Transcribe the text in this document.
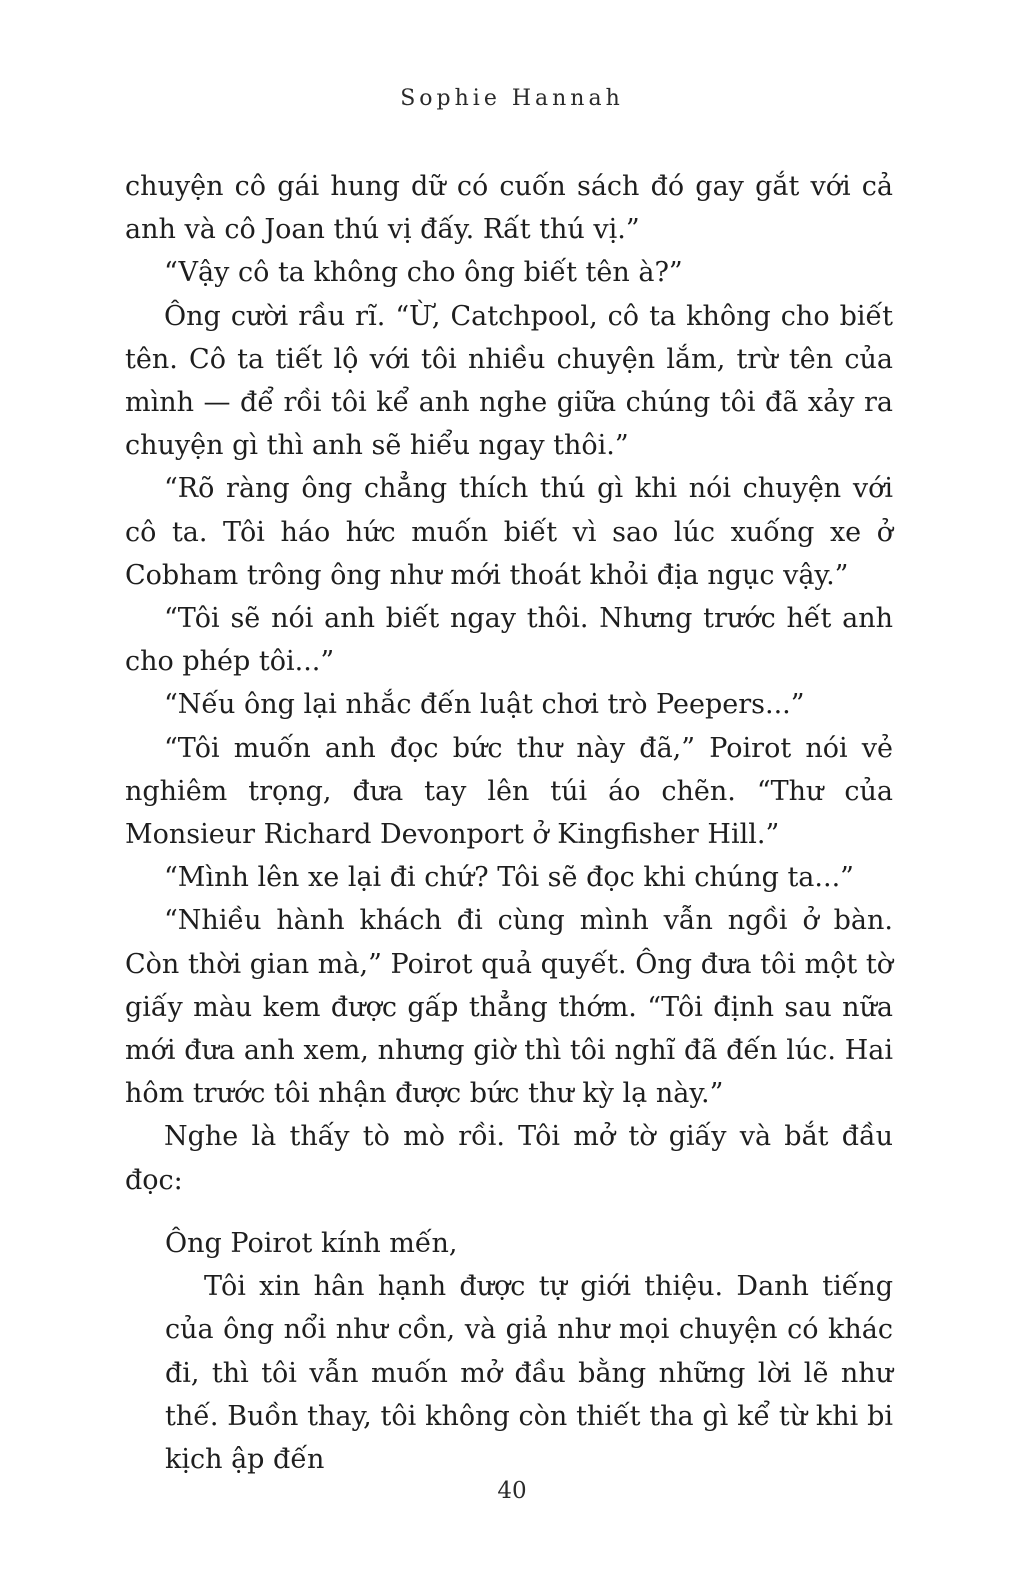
Sophie Hannah

chuyện cô gái hung dữ có cuốn sách đó gay gắt với cả anh và cô Joan thú vị đấy. Rất thú vị.”

“Vậy cô ta không cho ông biết tên à?”

Ông cười rầu rĩ. “Ừ, Catchpool, cô ta không cho biết tên. Cô ta tiết lộ với tôi nhiều chuyện lắm, trừ tên của mình — để rồi tôi kể anh nghe giữa chúng tôi đã xảy ra chuyện gì thì anh sẽ hiểu ngay thôi.”

“Rõ ràng ông chẳng thích thú gì khi nói chuyện với cô ta. Tôi háo hức muốn biết vì sao lúc xuống xe ở Cobham trông ông như mới thoát khỏi địa ngục vậy.”

“Tôi sẽ nói anh biết ngay thôi. Nhưng trước hết anh cho phép tôi...”

“Nếu ông lại nhắc đến luật chơi trò Peepers...”

“Tôi muốn anh đọc bức thư này đã,” Poirot nói vẻ nghiêm trọng, đưa tay lên túi áo chẽn. “Thư của Monsieur Richard Devonport ở Kingfisher Hill.”

“Mình lên xe lại đi chứ? Tôi sẽ đọc khi chúng ta...”

“Nhiều hành khách đi cùng mình vẫn ngồi ở bàn. Còn thời gian mà,” Poirot quả quyết. Ông đưa tôi một tờ giấy màu kem được gấp thẳng thớm. “Tôi định sau nữa mới đưa anh xem, nhưng giờ thì tôi nghĩ đã đến lúc. Hai hôm trước tôi nhận được bức thư kỳ lạ này.”

Nghe là thấy tò mò rồi. Tôi mở tờ giấy và bắt đầu đọc:

Ông Poirot kính mến,

Tôi xin hân hạnh được tự giới thiệu. Danh tiếng của ông nổi như cồn, và giả như mọi chuyện có khác đi, thì tôi vẫn muốn mở đầu bằng những lời lẽ như thế. Buồn thay, tôi không còn thiết tha gì kể từ khi bi kịch ập đến

40
